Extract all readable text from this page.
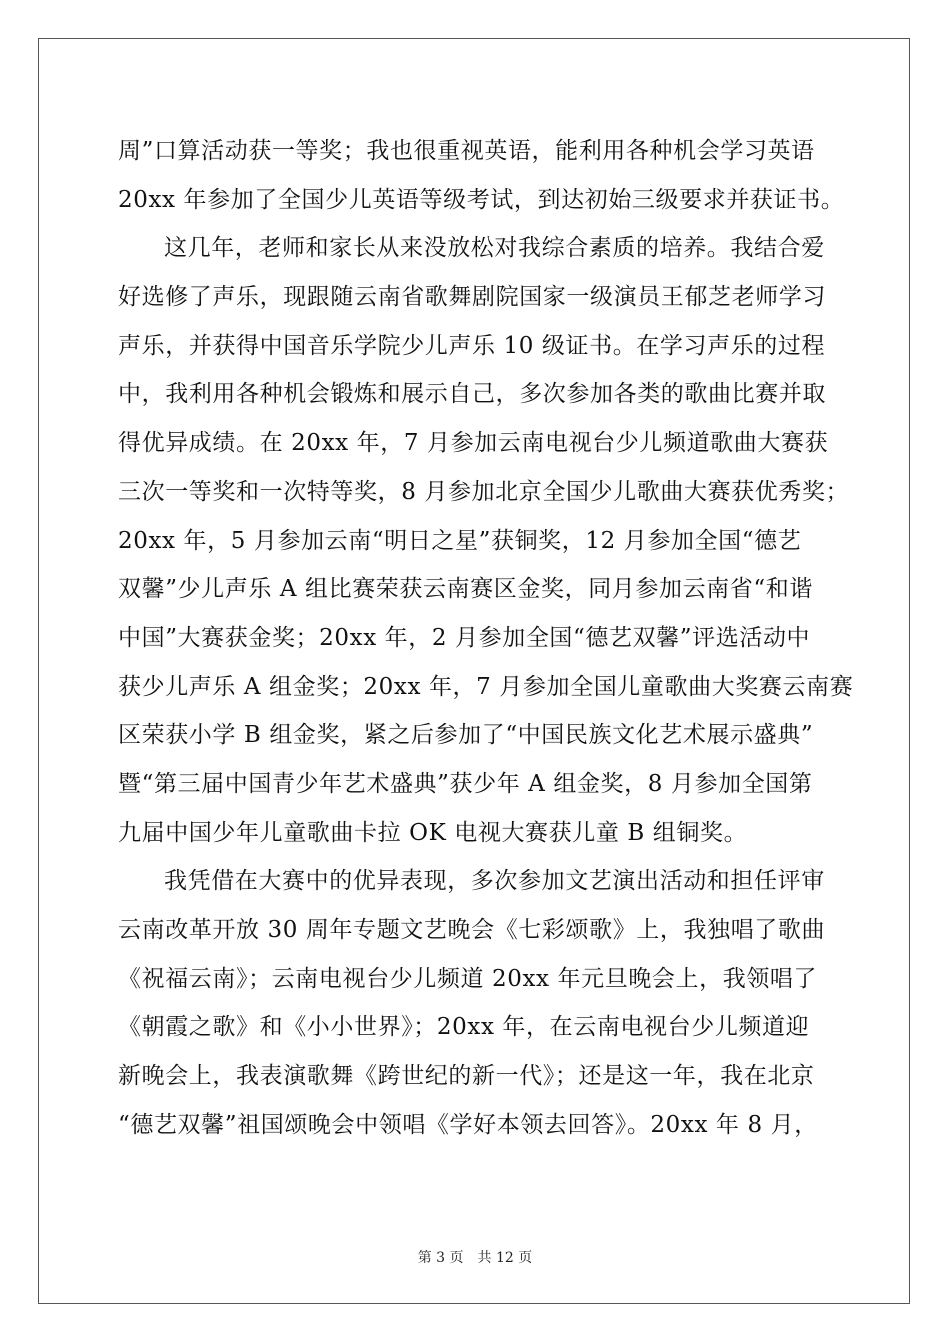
周”口算活动获一等奖；我也很重视英语，能利用各种机会学习英语
20xx 年参加了全国少儿英语等级考试，到达初始三级要求并获证书。
这几年，老师和家长从来没放松对我综合素质的培养。我结合爱
好选修了声乐，现跟随云南省歌舞剧院国家一级演员王郁芝老师学习
声乐，并获得中国音乐学院少儿声乐 10 级证书。在学习声乐的过程
中，我利用各种机会锻炼和展示自己，多次参加各类的歌曲比赛并取
得优异成绩。在 20xx 年，7 月参加云南电视台少儿频道歌曲大赛获
三次一等奖和一次特等奖，8 月参加北京全国少儿歌曲大赛获优秀奖；
20xx 年，5 月参加云南“明日之星”获铜奖，12 月参加全国“德艺
双馨”少儿声乐 A 组比赛荣获云南赛区金奖，同月参加云南省“和谐
中国”大赛获金奖；20xx 年，2 月参加全国“德艺双馨”评选活动中
获少儿声乐 A 组金奖；20xx 年，7 月参加全国儿童歌曲大奖赛云南赛
区荣获小学 B 组金奖，紧之后参加了“中国民族文化艺术展示盛典”
暨“第三届中国青少年艺术盛典”获少年 A 组金奖，8 月参加全国第
九届中国少年儿童歌曲卡拉 OK 电视大赛获儿童 B 组铜奖。
我凭借在大赛中的优异表现，多次参加文艺演出活动和担任评审
云南改革开放 30 周年专题文艺晚会《七彩颂歌》上，我独唱了歌曲
《祝福云南》；云南电视台少儿频道 20xx 年元旦晚会上，我领唱了
《朝霞之歌》和《小小世界》；20xx 年，在云南电视台少儿频道迎
新晚会上，我表演歌舞《跨世纪的新一代》；还是这一年，我在北京
“德艺双馨”祖国颂晚会中领唱《学好本领去回答》。20xx 年 8 月，
第 3 页 共 12 页
